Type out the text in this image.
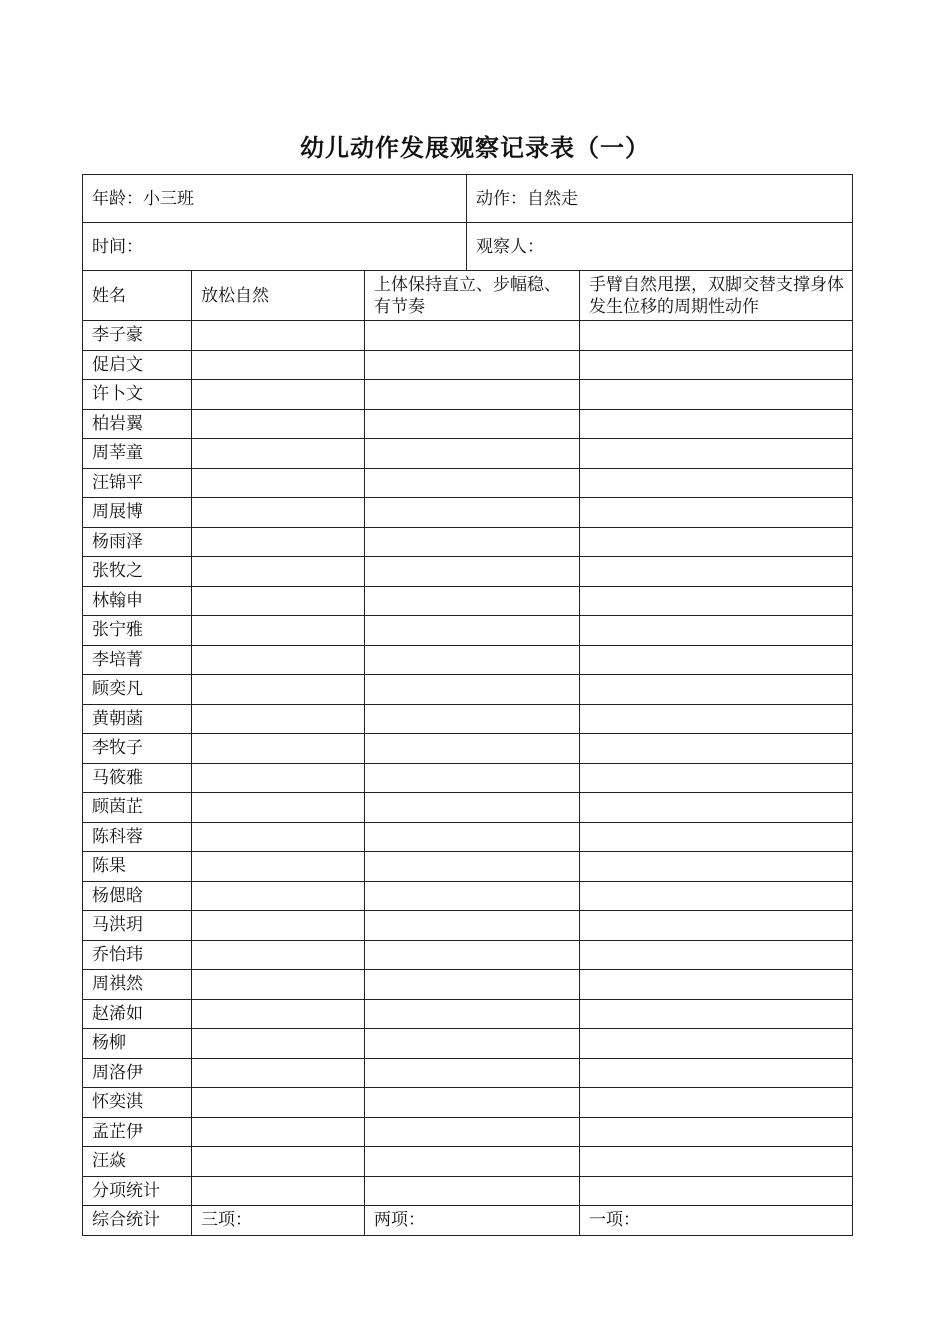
幼儿动作发展观察记录表（一）
年龄：小三班 动作：自然走			

时间： 观察人：			

姓名	放松自然	上体保持直立、步幅稳、有节奏	手臂自然甩摆，双脚交替支撑身体发生位移的周期性动作
李子豪			
促启文			
许卜文			
柏岩翼			
周莘童			
汪锦平			
周展博			
杨雨泽			
张牧之			
林翰申			
张宁雅			
李培菁			
顾奕凡			
黄朝菡			
李牧子			
马筱雅			
顾茵芷			
陈科蓉			
陈果			
杨偲晗			
马洪玥			
乔怡玮			
周祺然			
赵浠如			
杨柳			
周洛伊			
怀奕淇			
孟芷伊			
汪焱			
分项统计			
综合统计	三项：	两项：	一项：
